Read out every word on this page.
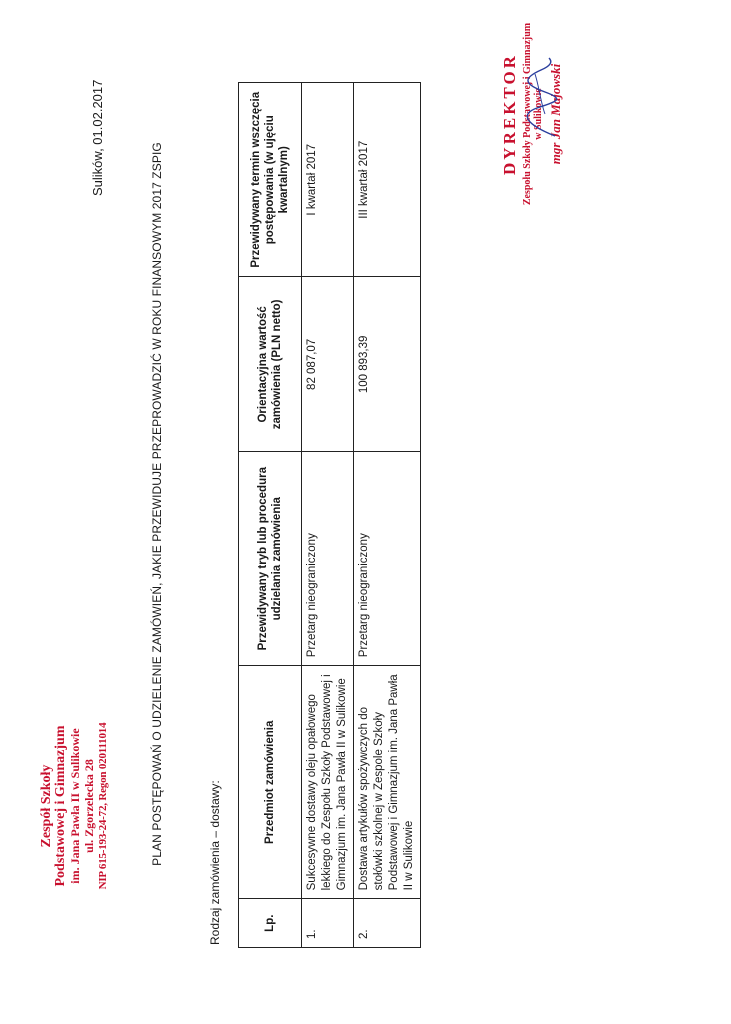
Zespół Szkoły Podstawowej i Gimnazjum im. Jana Pawła II w Sulikowie ul. Zgorzelecka 28 NIP 615-193-24-72, Regon 020111014
Sulików, 01.02.2017
PLAN POSTĘPOWAŃ O UDZIELENIE ZAMÓWIEŃ, JAKIE PRZEWIDUJE PRZEPROWADZIĆ W ROKU FINANSOWYM 2017 ZSPIG	Rodzaj zamówienia – dostawy:	Lp.	Przedmiot zamówienia	Przewidywany tryb lub procedura udzielania zamówienia	Orientacyjna wartość zamówienia (PLN netto)	Przewidywany termin wszczęcia postępowania (w ujęciu kwartalnym)
1.	Sukcesywne dostawy oleju opałowego lekkiego do Zespołu Szkoły Podstawowej i Gimnazjum im. Jana Pawła II w Sulikowie	Przetarg nieograniczony	82 087,07	I kwartał 2017
2.	Dostawa artykułów spożywczych do stołówki szkolnej w Zespole Szkoły Podstawowej i Gimnazjum im. Jana Pawła II w Sulikowie	Przetarg nieograniczony	100 893,39	III kwartał 2017
DYREKTOR Zespołu Szkoły Podstawowej i Gimnazjum w Sulikowie mgr Jan Majowski
